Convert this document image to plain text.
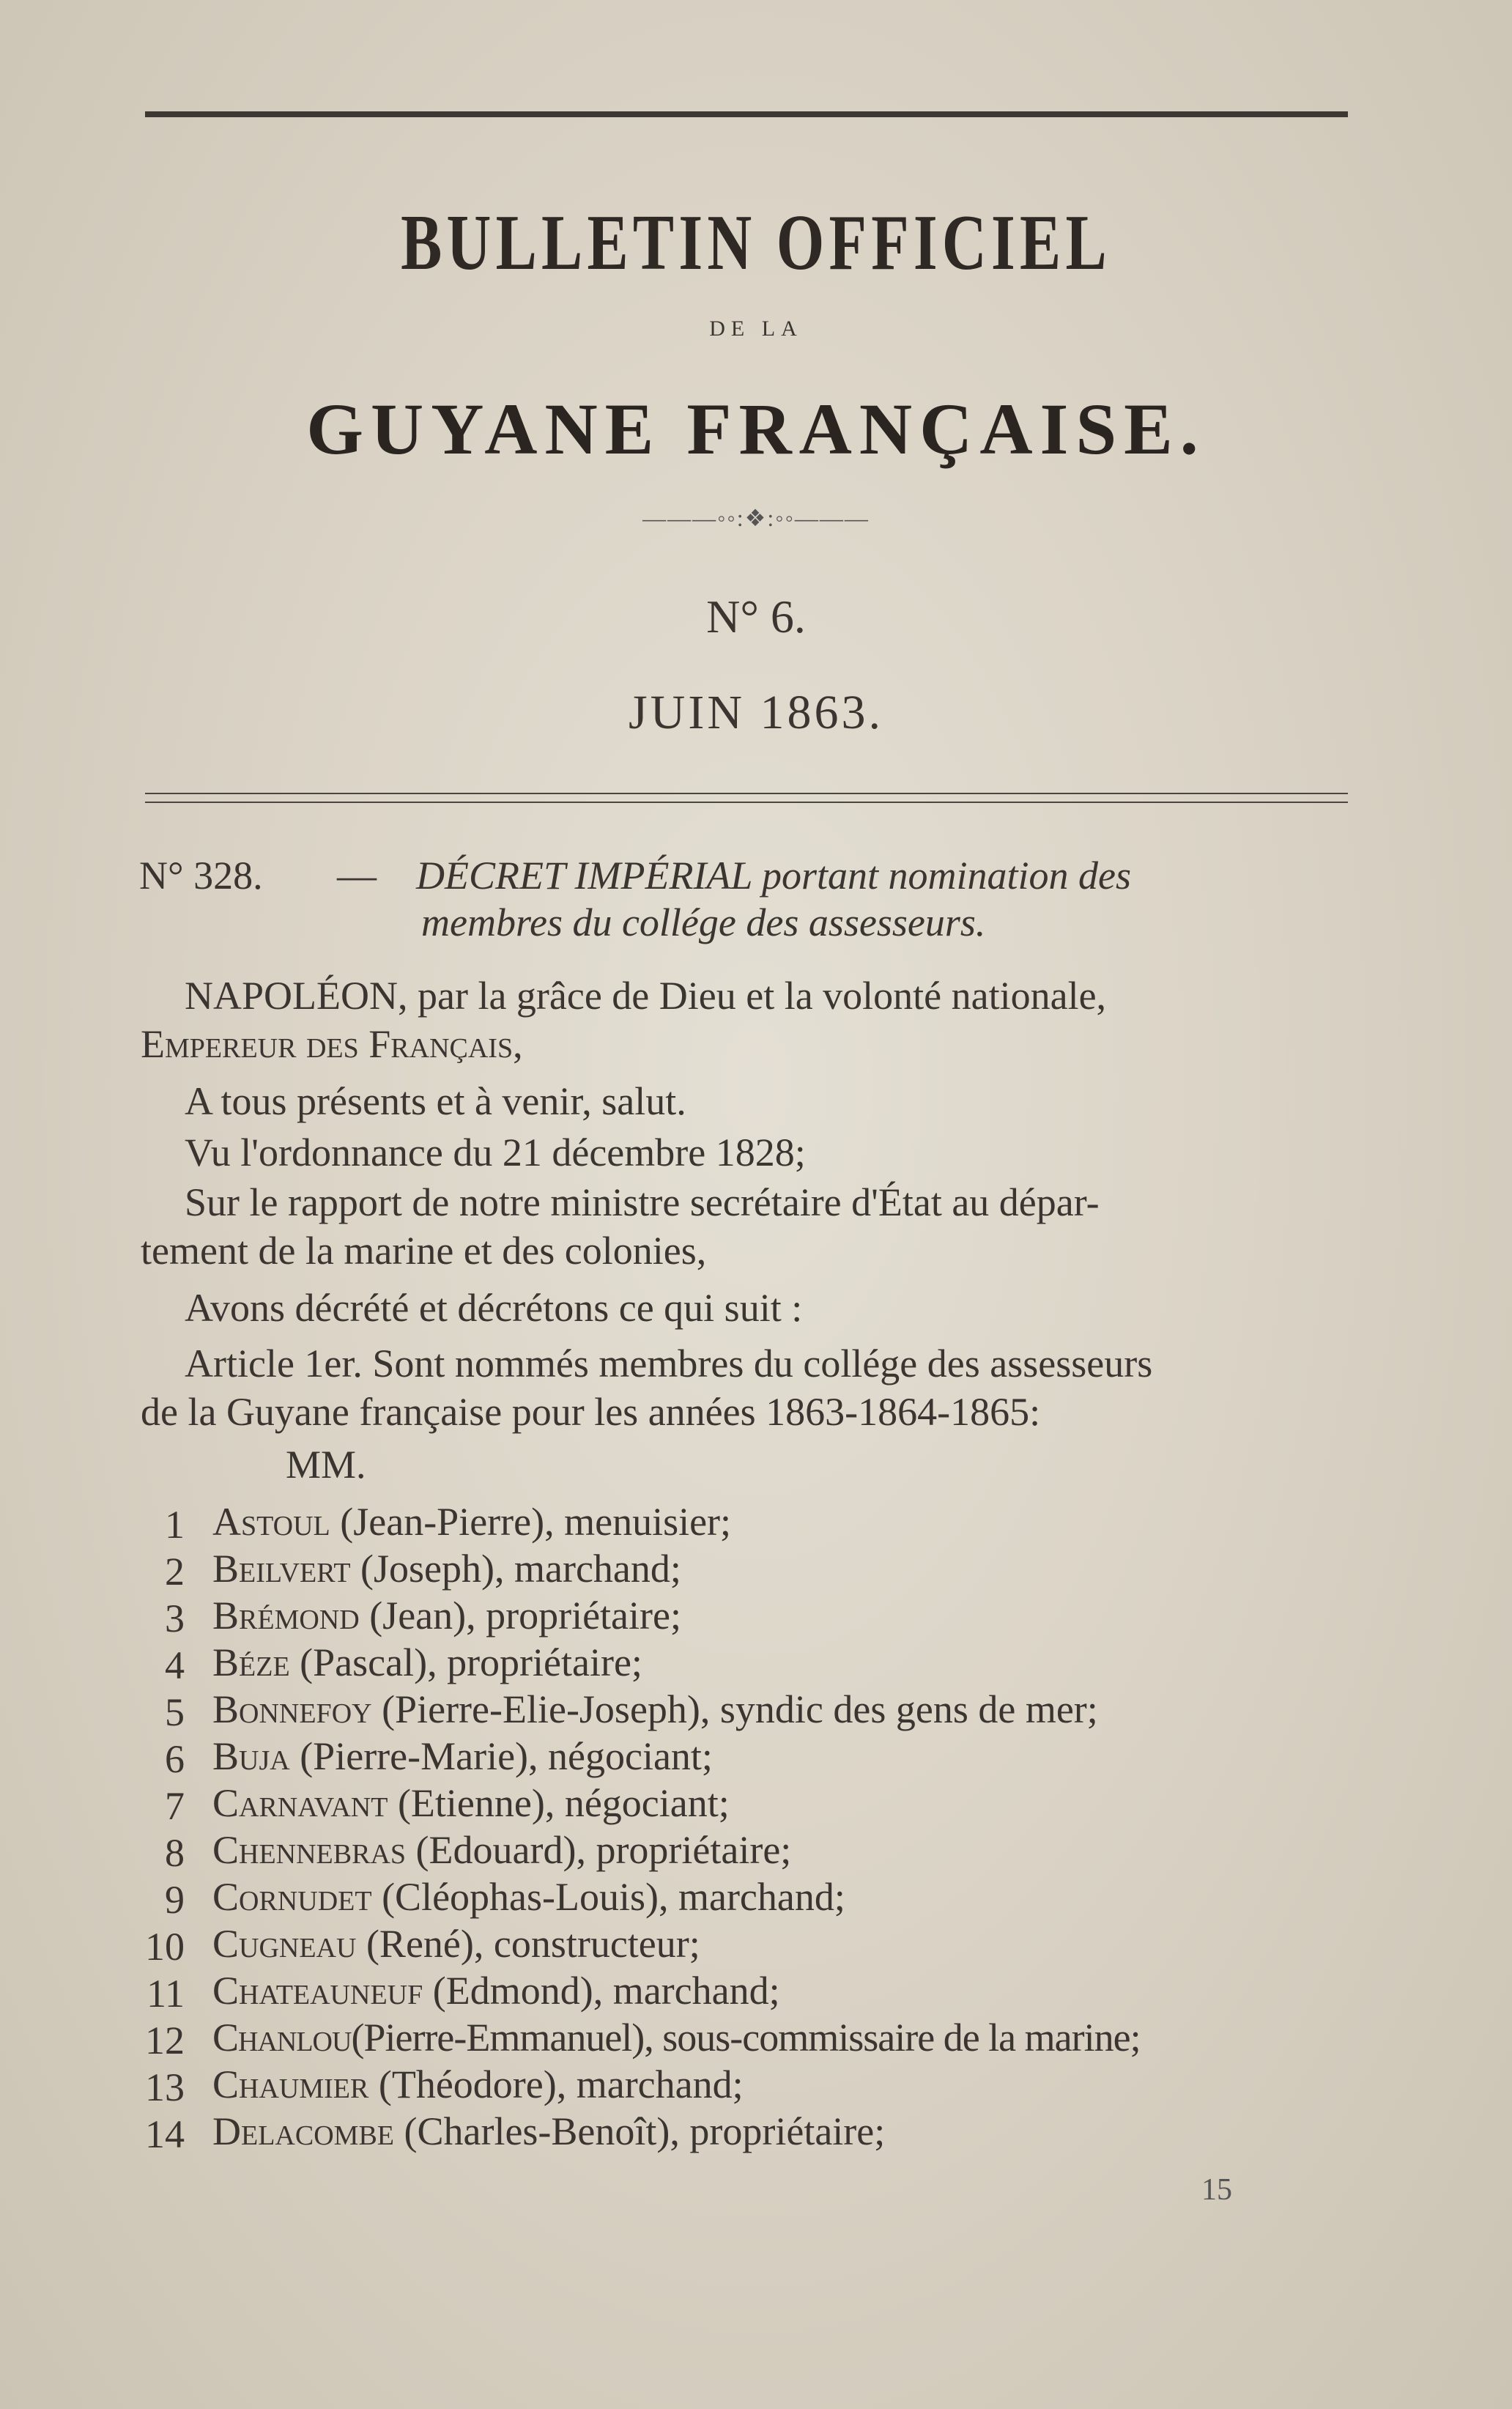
BULLETIN OFFICIEL
DE LA
GUYANE FRANÇAISE.
———◦◦:❖:◦◦———
N° 6.
JUIN 1863.
N° 328. — DÉCRET IMPÉRIAL portant nomination des
membres du collége des assesseurs.
NAPOLÉON, par la grâce de Dieu et la volonté nationale,
Empereur des Français,
A tous présents et à venir, salut.
Vu l'ordonnance du 21 décembre 1828;
Sur le rapport de notre ministre secrétaire d'État au dépar-
tement de la marine et des colonies,
Avons décrété et décrétons ce qui suit :
Article 1er. Sont nommés membres du collége des assesseurs
de la Guyane française pour les années 1863-1864-1865:
MM.
1 Astoul (Jean-Pierre), menuisier;
2 Beilvert (Joseph), marchand;
3 Brémond (Jean), propriétaire;
4 Béze (Pascal), propriétaire;
5 Bonnefoy (Pierre-Elie-Joseph), syndic des gens de mer;
6 Buja (Pierre-Marie), négociant;
7 Carnavant (Etienne), négociant;
8 Chennebras (Edouard), propriétaire;
9 Cornudet (Cléophas-Louis), marchand;
10 Cugneau (René), constructeur;
11 Chateauneuf (Edmond), marchand;
12 Chanlou(Pierre-Emmanuel), sous-commissaire de la marine;
13 Chaumier (Théodore), marchand;
14 Delacombe (Charles-Benoît), propriétaire;
15
